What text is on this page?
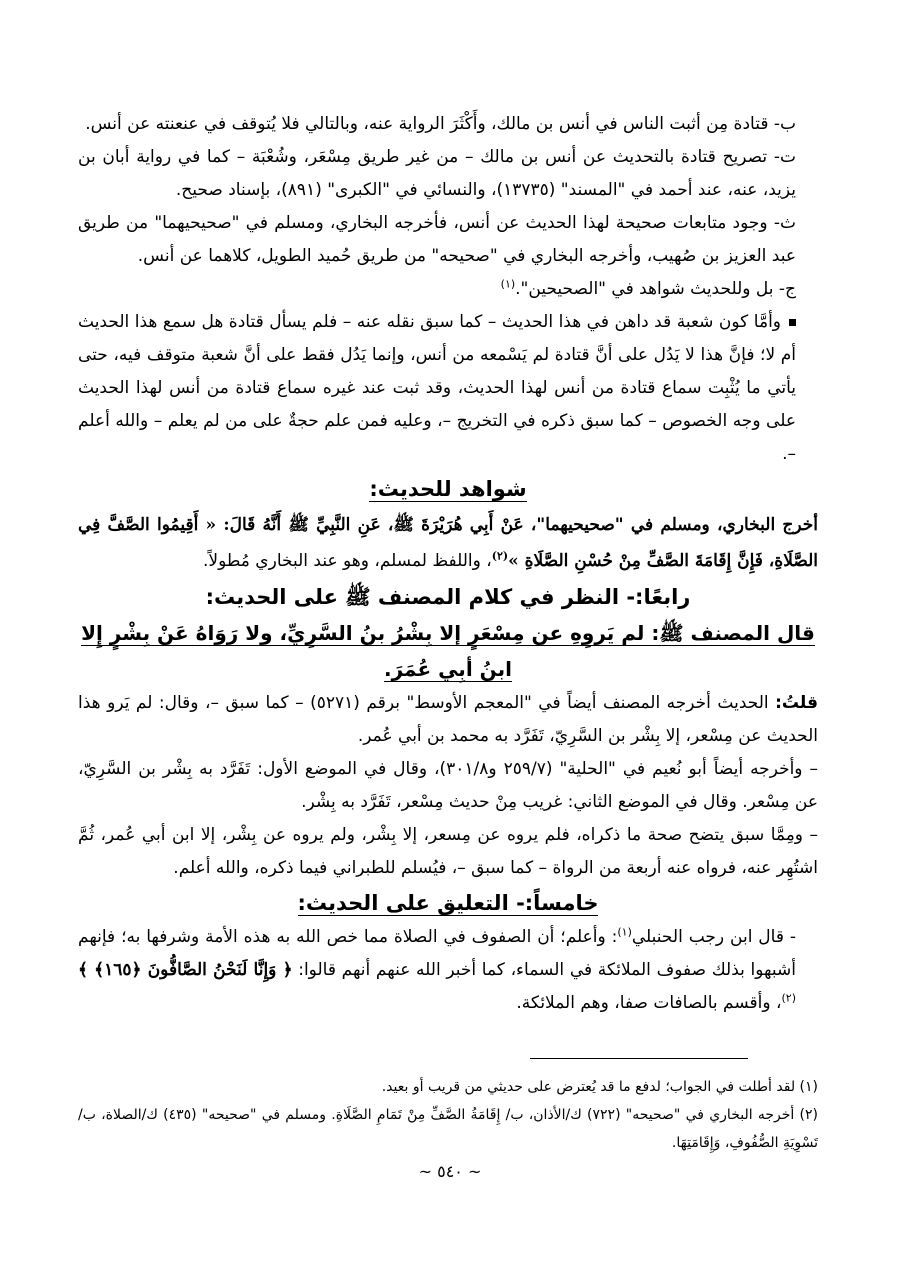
ب- قتادة مِن أثبت الناس في أنس بن مالك، وأَكْثَرَ الرواية عنه، وبالتالي فلا يُتوقف في عنعنته عن أنس.

ت- تصريح قتادة بالتحديث عن أنس بن مالك – من غير طريق مِسْعَر، وشُعْبَة – كما في رواية أبان بن يزيد، عنه، عند أحمد في "المسند" (١٣٧٣٥)، والنسائي في "الكبرى" (٨٩١)، بإسناد صحيح.

ث- وجود متابعات صحيحة لهذا الحديث عن أنس، فأخرجه البخاري، ومسلم في "صحيحيهما" من طريق عبد العزيز بن صُهيب، وأخرجه البخاري في "صحيحه" من طريق حُميد الطويل، كلاهما عن أنس.

ج- بل وللحديث شواهد في "الصحيحين".$^{(١)}$

وأمَّا كون شعبة قد داهن في هذا الحديث – كما سبق نقله عنه – فلم يسأل قتادة هل سمع هذا الحديث أم لا؛ فإنَّ هذا لا يَدُل على أنَّ قتادة لم يَسْمعه من أنس، وإنما يَدُل فقط على أنَّ شعبة متوقف فيه، حتى يأتي ما يُثْبِت سماع قتادة من أنس لهذا الحديث، وقد ثبت عند غيره سماع قتادة من أنس لهذا الحديث على وجه الخصوص – كما سبق ذكره في التخريج –، وعليه فمن علم حجةٌ على من لم يعلم – والله أعلم –.

شواهد للحديث:

أخرج البخاري، ومسلم في "صحيحيهما"، عَنْ أَبِي هُرَيْرَةَ ﷺ، عَنِ النَّبِيِّ ﷺ أَنَّهُ قَالَ: « أَقِيمُوا الصَّفَّ فِي الصَّلَاةِ، فَإِنَّ إِقَامَةَ الصَّفِّ مِنْ حُسْنِ الصَّلَاةِ »$^{(٢)}$، واللفظ لمسلم، وهو عند البخاري مُطولاً.

رابعًا:- النظر في كلام المصنف ﷺ على الحديث:

قال المصنف ﷺ: لم يَروِهِ عن مِسْعَرٍ إلا بِشْرُ بنُ السَّرِيِّ، ولا رَوَاهُ عَنْ بِشْرٍ إِلا ابنُ أبِي عُمَرَ.

قلتُ: الحديث أخرجه المصنف أيضاً في "المعجم الأوسط" برقم (٥٢٧١) – كما سبق –، وقال: لم يَرو هذا الحديث عن مِسْعر، إلا بِشْر بن السَّرِيّ، تَفَرَّد به محمد بن أبي عُمر.

– وأخرجه أيضاً أبو نُعيم في "الحلية" (٢٥٩/٧ و٣٠١/٨)، وقال في الموضع الأول: تَفَرَّد به بِشْر بن السَّرِيّ، عن مِسْعر. وقال في الموضع الثاني: غريب مِنْ حديث مِسْعر، تَفَرَّد به بِشْر.

– ومِمَّا سبق يتضح صحة ما ذكراه، فلم يروه عن مِسعر، إلا بِشْر، ولم يروه عن بِشْر، إلا ابن أبي عُمر، ثُمَّ اشتُهِر عنه، فرواه عنه أربعة من الرواة – كما سبق –، فيُسلم للطبراني فيما ذكره، والله أعلم.

خامساً:- التعليق على الحديث:

- قال ابن رجب الحنبلي$^{(١)}$: وأعلم؛ أن الصفوف في الصلاة مما خص الله به هذه الأمة وشرفها به؛ فإنهم أشبهوا بذلك صفوف الملائكة في السماء، كما أخبر الله عنهم أنهم قالوا: ﴿ وَإِنَّا لَنَحْنُ الصَّافُّونَ ﴿١٦٥﴾ ﴾$^{(٢)}$، وأقسم بالصافات صفا، وهم الملائكة.

(١) لقد أطلت في الجواب؛ لدفع ما قد يُعترض على حديثي من قريب أو بعيد.

(٢) أخرجه البخاري في "صحيحه" (٧٢٢) ك/الأذان، ب/ إِقَامَةُ الصَّفِّ مِنْ تَمَامِ الصَّلَاةِ. ومسلم في "صحيحه" (٤٣٥) ك/الصلاة، ب/ تَسْوِيَةِ الصُّفُوفِ، وَإِقَامَتِهَا.

~ ٥٤٠ ~
